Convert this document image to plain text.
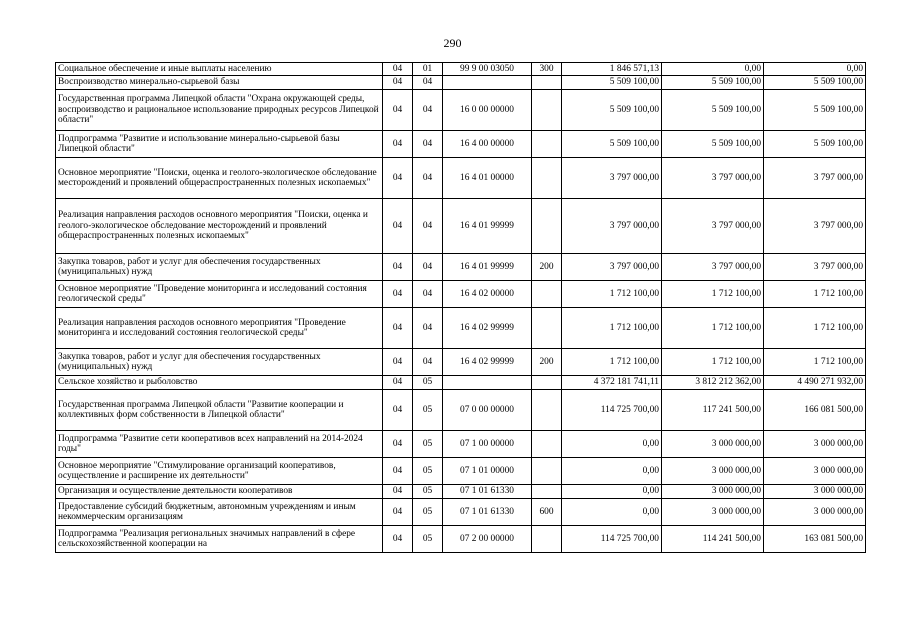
290
Социальное обеспечение и иные выплаты населению	04	01	99 9 00 03050	300	1 846 571,13	0,00	0,00
Воспроизводство минерально-сырьевой базы	04	04			5 509 100,00	5 509 100,00	5 509 100,00
Государственная программа Липецкой области "Охрана окружающей среды, воспроизводство и рациональное использование природных ресурсов Липецкой области"	04	04	16 0 00 00000		5 509 100,00	5 509 100,00	5 509 100,00
Подпрограмма "Развитие и использование минерально-сырьевой базы Липецкой области"	04	04	16 4 00 00000		5 509 100,00	5 509 100,00	5 509 100,00
Основное мероприятие "Поиски, оценка и геолого-экологическое обследование месторождений и проявлений общераспространенных полезных ископаемых"	04	04	16 4 01 00000		3 797 000,00	3 797 000,00	3 797 000,00
Реализация направления расходов основного мероприятия "Поиски, оценка и геолого-экологическое обследование месторождений и проявлений общераспространенных полезных ископаемых"	04	04	16 4 01 99999		3 797 000,00	3 797 000,00	3 797 000,00
Закупка товаров, работ и услуг для обеспечения государственных (муниципальных) нужд	04	04	16 4 01 99999	200	3 797 000,00	3 797 000,00	3 797 000,00
Основное мероприятие "Проведение мониторинга и исследований состояния геологической среды"	04	04	16 4 02 00000		1 712 100,00	1 712 100,00	1 712 100,00
Реализация направления расходов основного мероприятия "Проведение мониторинга и исследований состояния геологической среды"	04	04	16 4 02 99999		1 712 100,00	1 712 100,00	1 712 100,00
Закупка товаров, работ и услуг для обеспечения государственных (муниципальных) нужд	04	04	16 4 02 99999	200	1 712 100,00	1 712 100,00	1 712 100,00
Сельское хозяйство и рыболовство	04	05			4 372 181 741,11	3 812 212 362,00	4 490 271 932,00
Государственная программа Липецкой области "Развитие кооперации и коллективных форм собственности в Липецкой области"	04	05	07 0 00 00000		114 725 700,00	117 241 500,00	166 081 500,00
Подпрограмма "Развитие сети кооперативов всех направлений на 2014-2024 годы"	04	05	07 1 00 00000		0,00	3 000 000,00	3 000 000,00
Основное мероприятие "Стимулирование организаций кооперативов, осуществление и расширение их деятельности"	04	05	07 1 01 00000		0,00	3 000 000,00	3 000 000,00
Организация и осуществление деятельности кооперативов	04	05	07 1 01 61330		0,00	3 000 000,00	3 000 000,00
Предоставление субсидий бюджетным, автономным учреждениям и иным некоммерческим организациям	04	05	07 1 01 61330	600	0,00	3 000 000,00	3 000 000,00
Подпрограмма "Реализация региональных значимых направлений в сфере сельскохозяйственной кооперации на	04	05	07 2 00 00000		114 725 700,00	114 241 500,00	163 081 500,00
